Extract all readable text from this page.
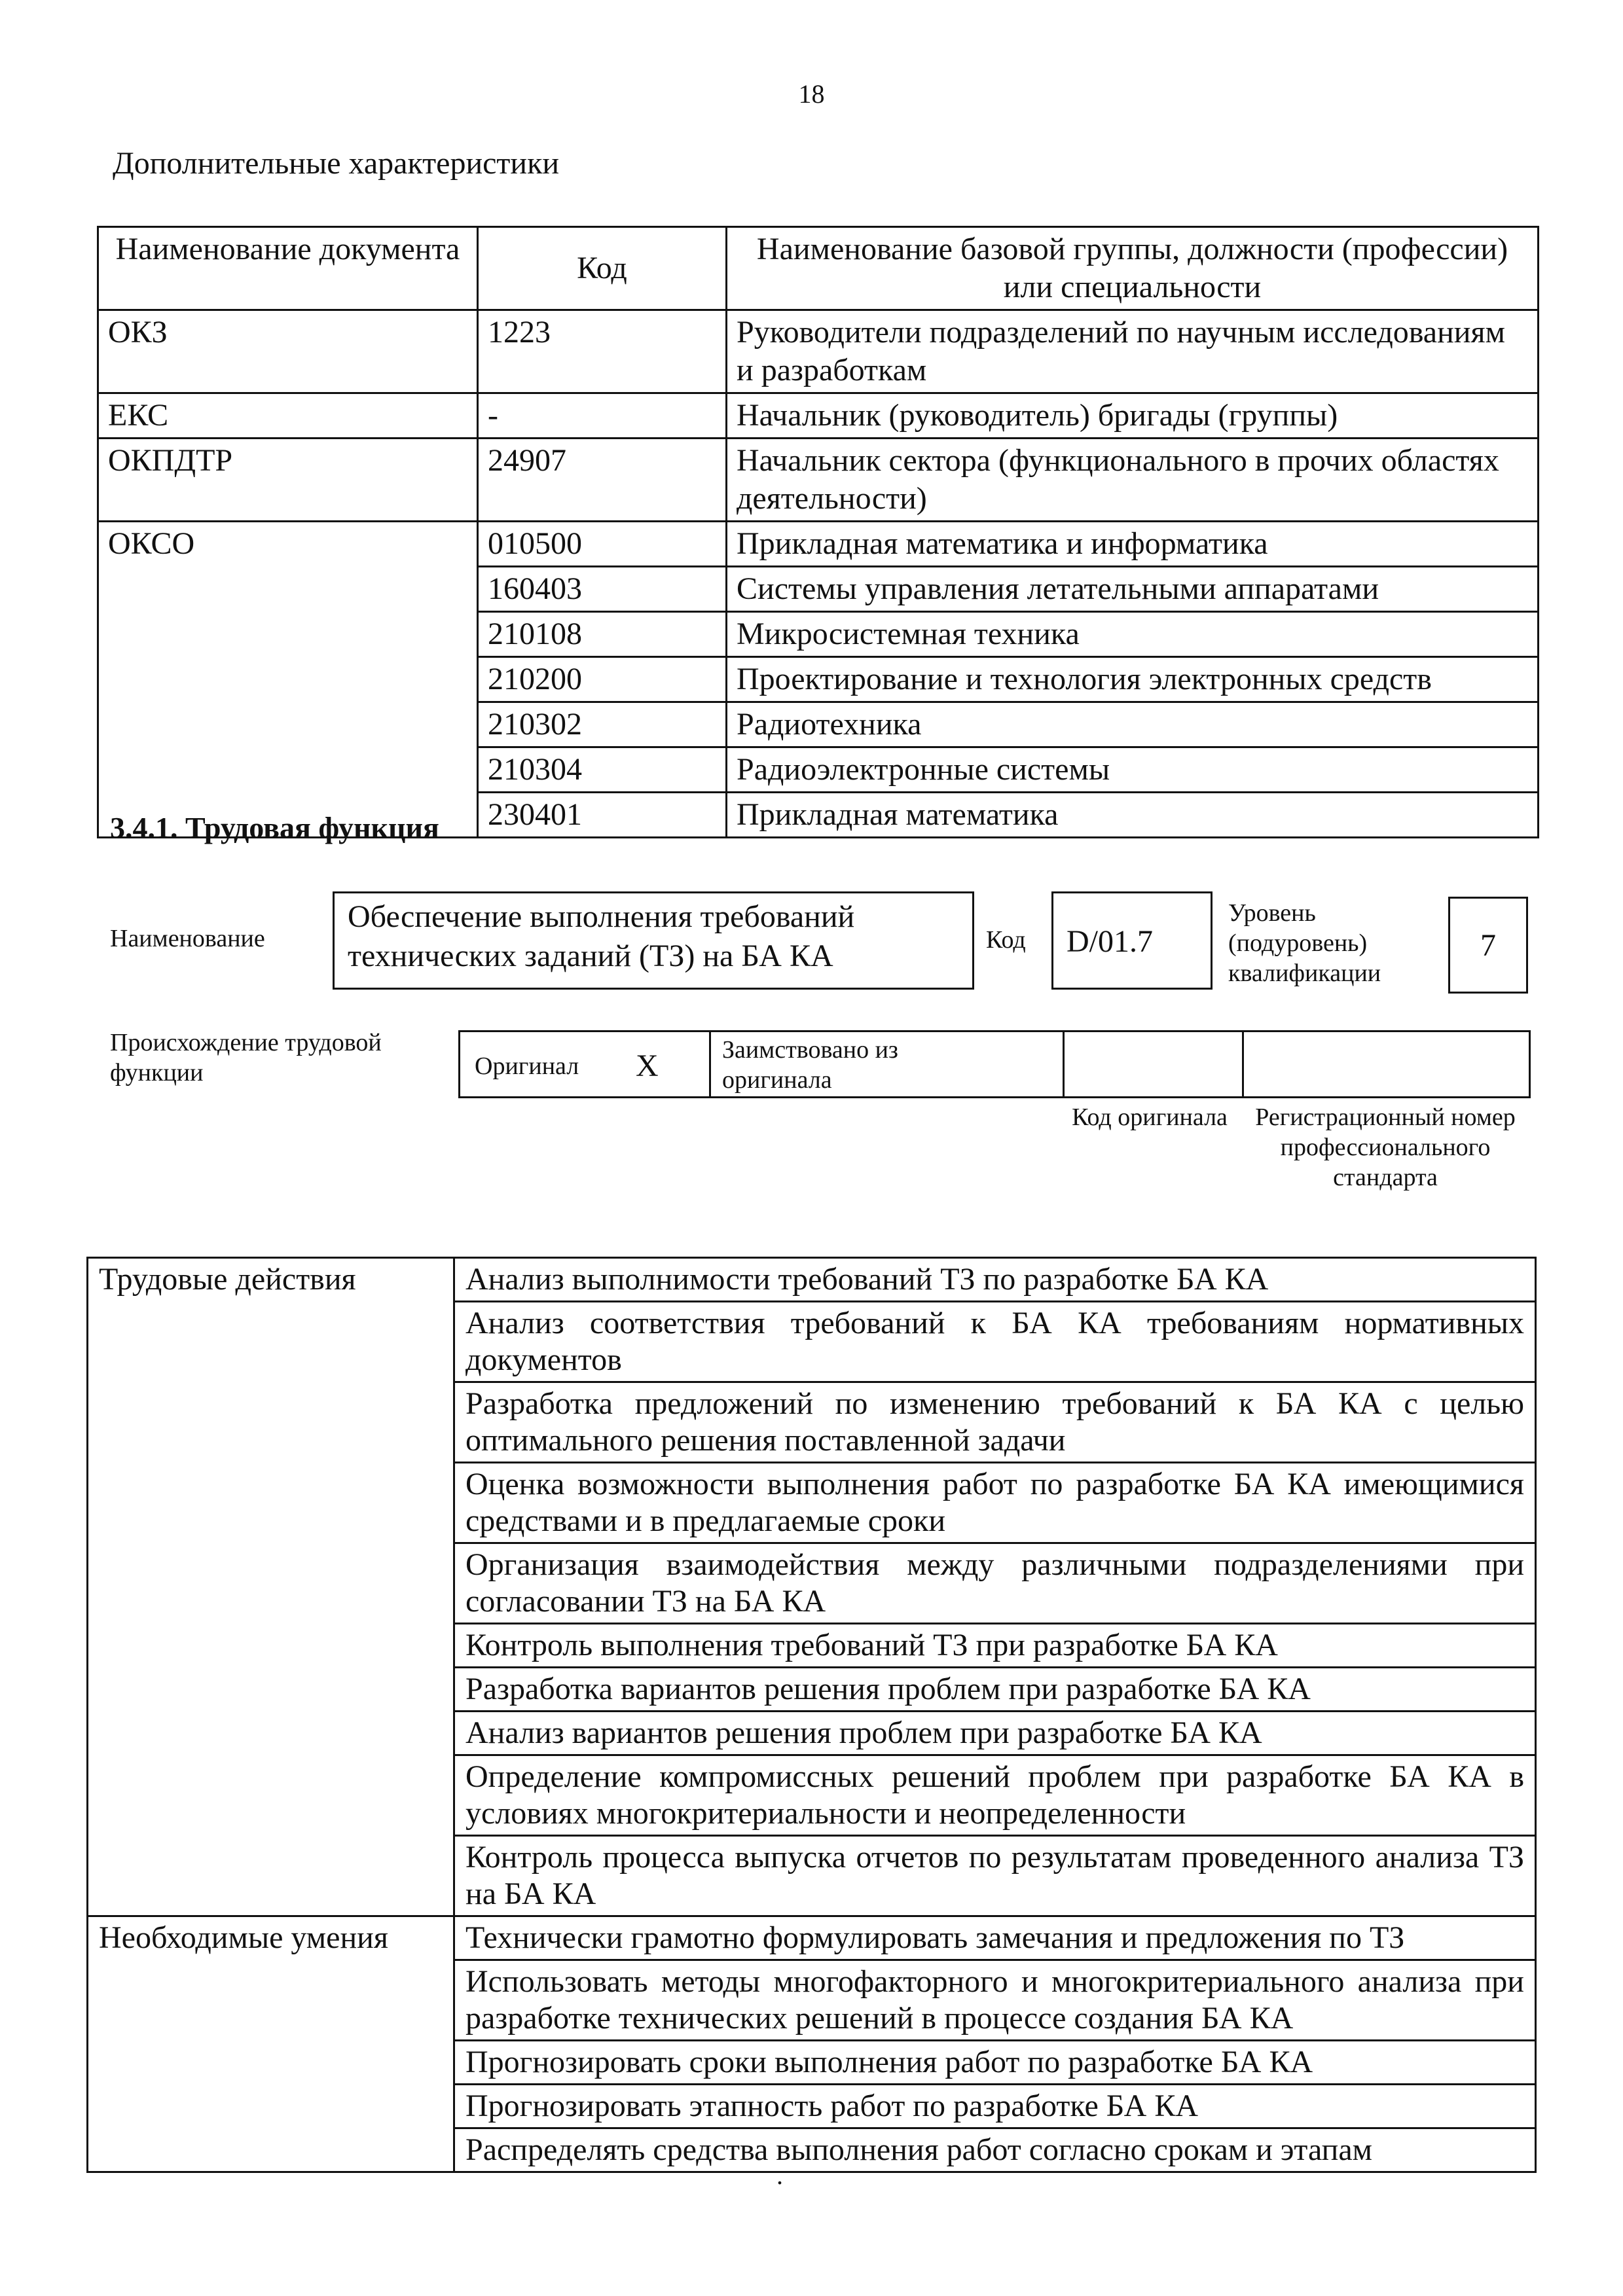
18
Дополнительные характеристики
Наименование документа	Код	Наименование базовой группы, должности (профессии) или специальности
ОКЗ	1223	Руководители подразделений по научным исследованиям и разработкам
ЕКС	-	Начальник (руководитель) бригады (группы)
ОКПДТР	24907	Начальник сектора (функционального в прочих областях деятельности)
ОКСО	010500	Прикладная математика и информатика
	160403	Системы управления летательными аппаратами
	210108	Микросистемная техника
	210200	Проектирование и технология электронных средств
	210302	Радиотехника
	210304	Радиоэлектронные системы
	230401	Прикладная математика
3.4.1. Трудовая функция
Наименование
Обеспечение выполнения требований технических заданий (ТЗ) на БА КА	Код	D/01.7
Уровень (подуровень) квалификации
7
Происхождение трудовой функции	Оригинал X	Заимствовано из оригинала
Код оригинала	Регистрационный номер профессионального стандарта
Трудовые действия	Анализ выполнимости требований ТЗ по разработке БА КА
	Анализ соответствия требований к БА КА требованиям нормативных документов
	Разработка предложений по изменению требований к БА КА с целью оптимального решения поставленной задачи
	Оценка возможности выполнения работ по разработке БА КА имеющимися средствами и в предлагаемые сроки
	Организация взаимодействия между различными подразделениями при согласовании ТЗ на БА КА
	Контроль выполнения требований ТЗ при разработке БА КА
	Разработка вариантов решения проблем при разработке БА КА
	Анализ вариантов решения проблем при разработке БА КА
	Определение компромиссных решений проблем при разработке БА КА в условиях многокритериальности и неопределенности
	Контроль процесса выпуска отчетов по результатам проведенного анализа ТЗ на БА КА
Необходимые умения	Технически грамотно формулировать замечания и предложения по ТЗ
	Использовать методы многофакторного и многокритериального анализа при разработке технических решений в процессе создания БА КА
	Прогнозировать сроки выполнения работ по разработке БА КА
	Прогнозировать этапность работ по разработке БА КА
	Распределять средства выполнения работ согласно срокам и этапам
.
